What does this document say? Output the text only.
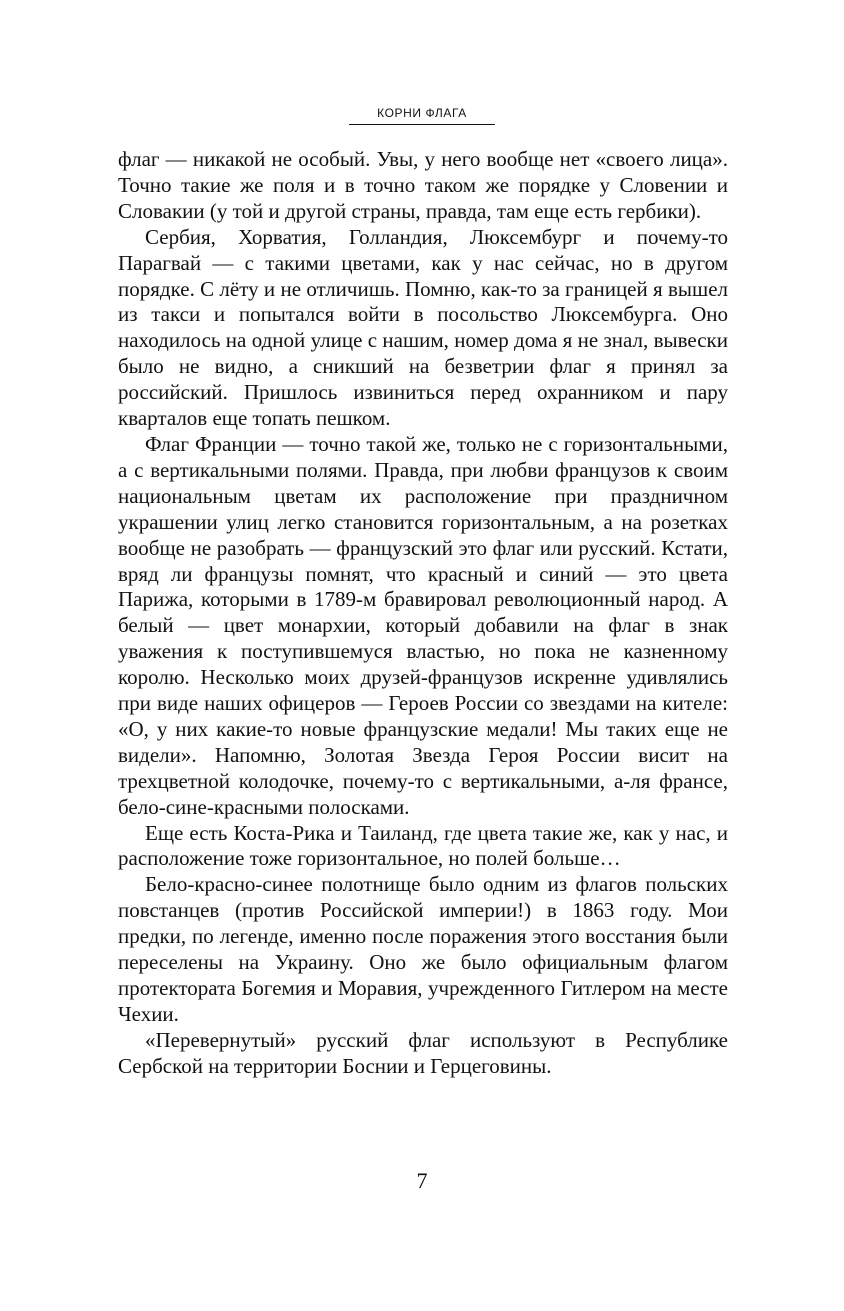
КОРНИ ФЛАГА

флаг — никакой не особый. Увы, у него вообще нет «своего лица». Точно такие же поля и в точно таком же порядке у Словении и Словакии (у той и другой страны, правда, там еще есть гербики).

Сербия, Хорватия, Голландия, Люксембург и почему-то Парагвай — с такими цветами, как у нас сейчас, но в другом порядке. С лёту и не отличишь. Помню, как-то за границей я вышел из такси и попытался войти в посольство Люксембурга. Оно находилось на одной улице с нашим, номер дома я не знал, вывески было не видно, а сникший на безветрии флаг я принял за российский. Пришлось извиниться перед охранником и пару кварталов еще топать пешком.

Флаг Франции — точно такой же, только не с горизонтальными, а с вертикальными полями. Правда, при любви французов к своим национальным цветам их расположение при праздничном украшении улиц легко становится горизонтальным, а на розетках вообще не разобрать — французский это флаг или русский. Кстати, вряд ли французы помнят, что красный и синий — это цвета Парижа, которыми в 1789-м бравировал революционный народ. А белый — цвет монархии, который добавили на флаг в знак уважения к поступившемуся властью, но пока не казненному королю. Несколько моих друзей-французов искренне удивлялись при виде наших офицеров — Героев России со звездами на кителе: «О, у них какие-то новые французские медали! Мы таких еще не видели». Напомню, Золотая Звезда Героя России висит на трехцветной колодочке, почему-то с вертикальными, а-ля франсе, бело-сине-красными полосками.

Еще есть Коста-Рика и Таиланд, где цвета такие же, как у нас, и расположение тоже горизонтальное, но полей больше…

Бело-красно-синее полотнище было одним из флагов польских повстанцев (против Российской империи!) в 1863 году. Мои предки, по легенде, именно после поражения этого восстания были переселены на Украину. Оно же было официальным флагом протектората Богемия и Моравия, учрежденного Гитлером на месте Чехии.

«Перевернутый» русский флаг используют в Республике Сербской на территории Боснии и Герцеговины.

7
